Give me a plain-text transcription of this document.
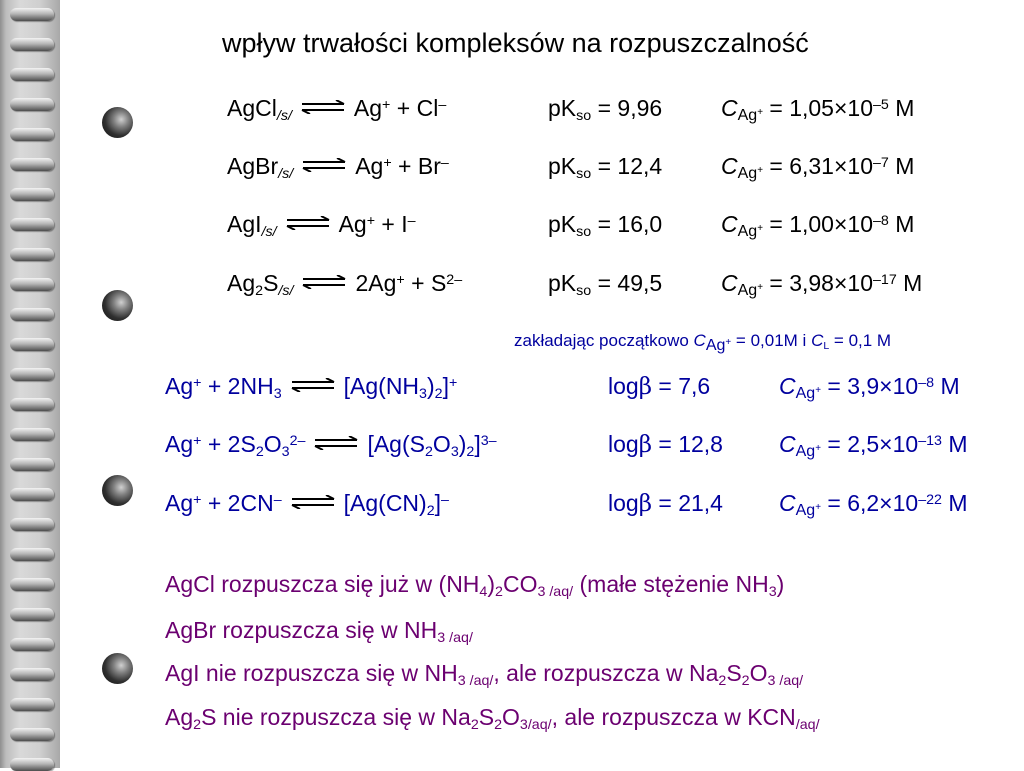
wpływ trwałości kompleksów na rozpuszczalność
AgCl$_{/s/}$ ⇌ Ag+ + Cl–	$pK_{so} = 9,96$	$C_{Ag^+} = 1,05\times 10^{-5}$ M
AgBr$_{/s/}$ ⇌ Ag+ + Br–	$pK_{so} = 12,4$	$C_{Ag^+} = 6,31\times 10^{-7}$ M
AgI$_{/s/}$ ⇌ Ag+ + I–	$pK_{so} = 16,0$	$C_{Ag^+} = 1,00\times 10^{-8}$ M
$Ag_2S_{/s/}$ ⇌ $2Ag^+ + S^{2-}$	$pK_{so} = 49,5$	$C_{Ag^+} = 3,98\times 10^{-17}$ M
zakładając początkowo $C_{Ag^+} = 0,01M$ i $C_L = 0,1$ M
$Ag^+ + 2NH_3$ ⇌ $[Ag(NH_3)_2]^+$	logβ = 7,6	$C_{Ag^+} = 3,9\times 10^{-8}$ M
$Ag^+ + 2S_2O_3^{2-}$ ⇌ $[Ag(S_2O_3)_2]^{3-}$	logβ = 12,8 $C_{Ag^+} = 2,5\times 10^{-13}$ M
Ag+ + 2CN– ⇌ $[Ag(CN)_2]^-$	logβ = 21,4 $C_{Ag^+} = 6,2\times 10^{-22}$ M
AgCl rozpuszcza się już w $(NH_4)_2CO_{3 /aq/}$ (małe stężenie $NH_3$)
AgBr rozpuszcza się w $NH_{3 /aq/}$
AgI nie rozpuszcza się w $NH_{3 /aq/}$, ale rozpuszcza w $Na_2S_2O_{3 /aq/}$
$Ag_2S$ nie rozpuszcza się w $Na_2S_2O_{3/aq/}$, ale rozpuszcza w $KCN_{/aq/}$
